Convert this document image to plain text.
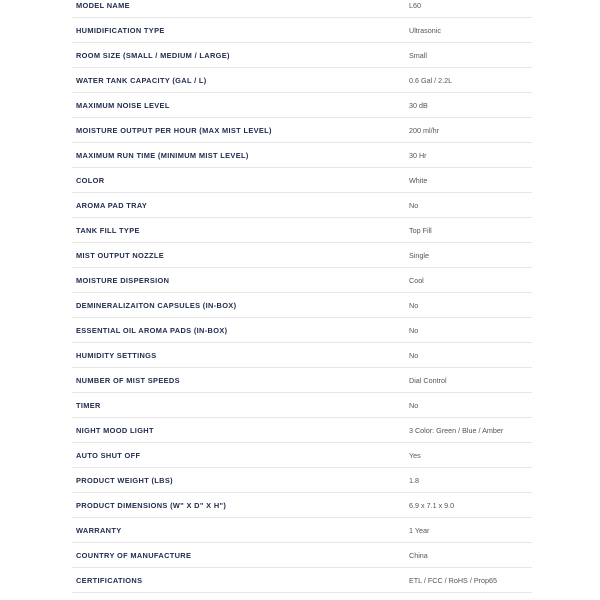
MODEL NAME	L60
HUMIDIFICATION TYPE	Ultrasonic
ROOM SIZE (SMALL / MEDIUM / LARGE)	Small
WATER TANK CAPACITY (GAL / L)	0.6 Gal / 2.2L
MAXIMUM NOISE LEVEL	30 dB
MOISTURE OUTPUT PER HOUR (MAX MIST LEVEL)	200 ml/hr
MAXIMUM RUN TIME (MINIMUM MIST LEVEL)	30 Hr
COLOR	White
AROMA PAD TRAY	No
TANK FILL TYPE	Top Fill
MIST OUTPUT NOZZLE	Single
MOISTURE DISPERSION	Cool
DEMINERALIZAITON CAPSULES (IN-BOX)	No
ESSENTIAL OIL AROMA PADS (IN-BOX)	No
HUMIDITY SETTINGS	No
NUMBER OF MIST SPEEDS	Dial Control
TIMER	No
NIGHT MOOD LIGHT	3 Color: Green / Blue / Amber
AUTO SHUT OFF	Yes
PRODUCT WEIGHT (LBS)	1.8
PRODUCT DIMENSIONS (W" X D" X H")	6.9 x 7.1 x 9.0
WARRANTY	1 Year
COUNTRY OF MANUFACTURE	China
CERTIFICATIONS	ETL / FCC / RoHS / Prop65
